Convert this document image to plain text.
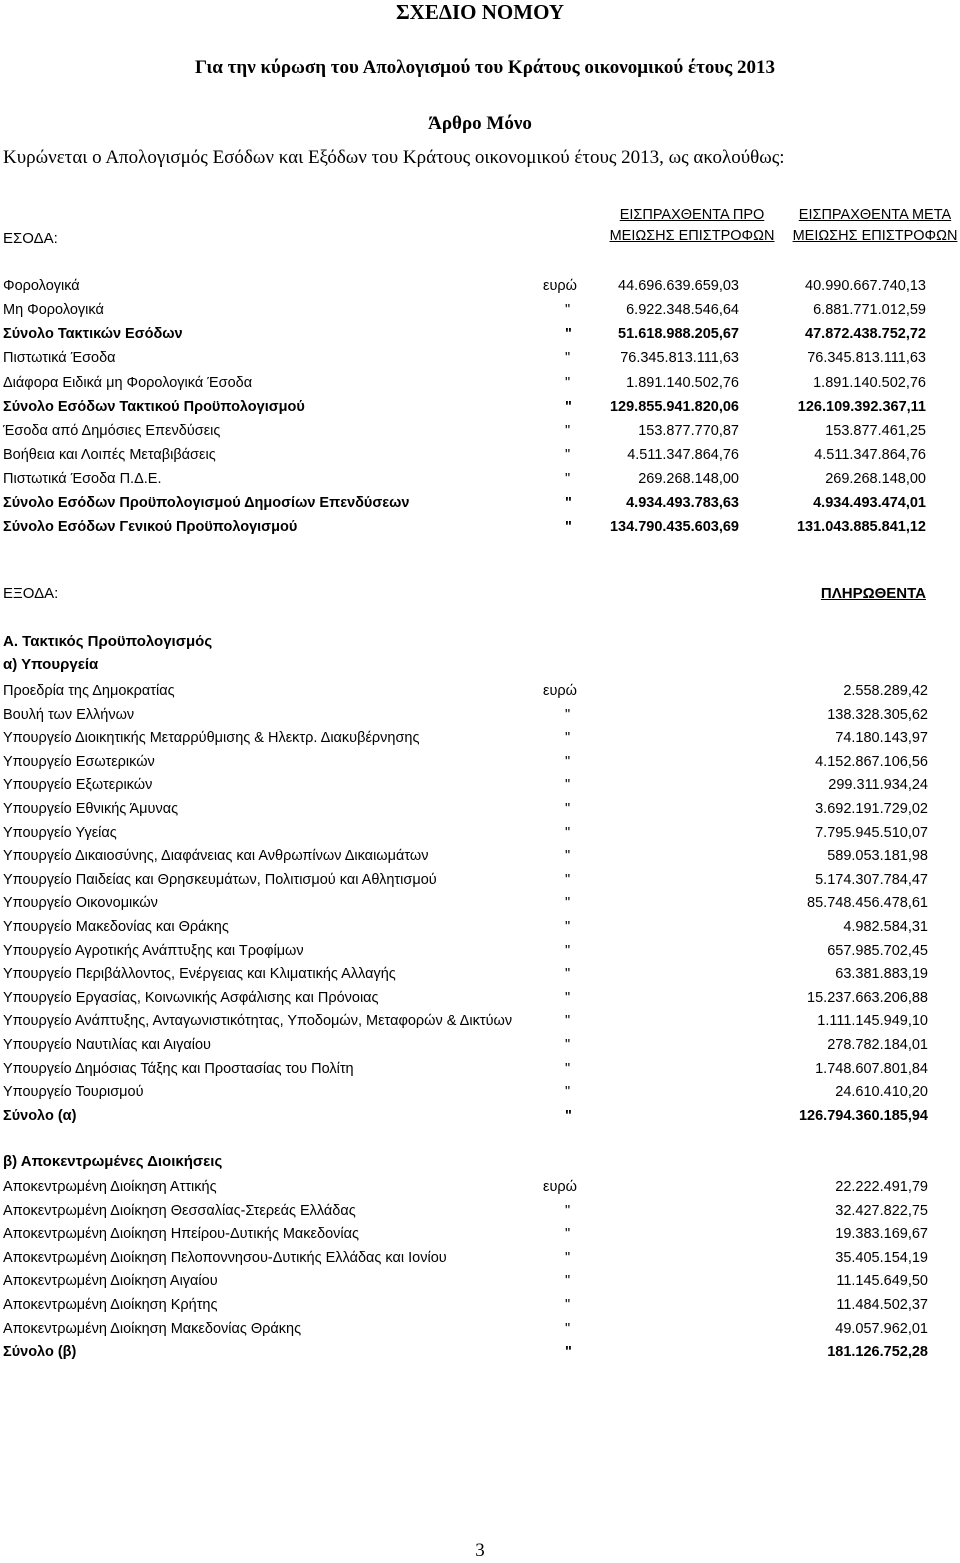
ΣΧΕΔΙΟ ΝΟΜΟΥ
Για την κύρωση του Απολογισμού του Κράτους οικονομικού έτους 2013
Άρθρο Μόνο
Κυρώνεται ο Απολογισμός Εσόδων και Εξόδων του Κράτους οικονομικού έτους 2013, ως ακολούθως:
ΕΣΟΔΑ:
ΕΙΣΠΡΑΧΘΕΝΤΑ ΠΡΟ
ΜΕΙΩΣΗΣ ΕΠΙΣΤΡΟΦΩΝ
ΕΙΣΠΡΑΧΘΕΝΤΑ ΜΕΤΑ
ΜΕΙΩΣΗΣ ΕΠΙΣΤΡΟΦΩΝ
Φορολογικά	ευρώ	44.696.639.659,03	40.990.667.740,13
Μη Φορολογικά	"	6.922.348.546,64	6.881.771.012,59
Σύνολο Τακτικών Εσόδων	"	51.618.988.205,67	47.872.438.752,72
Πιστωτικά Έσοδα	"	76.345.813.111,63	76.345.813.111,63
Διάφορα Ειδικά μη Φορολογικά Έσοδα	"	1.891.140.502,76	1.891.140.502,76
Σύνολο Εσόδων Τακτικού Προϋπολογισμού	"	129.855.941.820,06	126.109.392.367,11
Έσοδα από Δημόσιες Επενδύσεις	"	153.877.770,87	153.877.461,25
Βοήθεια και Λοιπές Μεταβιβάσεις	"	4.511.347.864,76	4.511.347.864,76
Πιστωτικά Έσοδα Π.Δ.Ε.	"	269.268.148,00	269.268.148,00
Σύνολο Εσόδων Προϋπολογισμού Δημοσίων Επενδύσεων	"	4.934.493.783,63	4.934.493.474,01
Σύνολο Εσόδων Γενικού Προϋπολογισμού	"	134.790.435.603,69	131.043.885.841,12
ΕΞΟΔΑ:	ΠΛΗΡΩΘΕΝΤΑ
Α. Τακτικός Προϋπολογισμός
α) Υπουργεία
Προεδρία της Δημοκρατίας	ευρώ	2.558.289,42
Βουλή των Ελλήνων	"	138.328.305,62
Υπουργείο Διοικητικής Μεταρρύθμισης & Ηλεκτρ. Διακυβέρνησης	"	74.180.143,97
Υπουργείο Εσωτερικών	"	4.152.867.106,56
Υπουργείο Εξωτερικών	"	299.311.934,24
Υπουργείο Εθνικής Άμυνας	"	3.692.191.729,02
Υπουργείο Υγείας	"	7.795.945.510,07
Υπουργείο Δικαιοσύνης, Διαφάνειας και Ανθρωπίνων Δικαιωμάτων	"	589.053.181,98
Υπουργείο Παιδείας και Θρησκευμάτων, Πολιτισμού και Αθλητισμού	"	5.174.307.784,47
Υπουργείο Οικονομικών	"	85.748.456.478,61
Υπουργείο Μακεδονίας και Θράκης	"	4.982.584,31
Υπουργείο Αγροτικής Ανάπτυξης και Τροφίμων	"	657.985.702,45
Υπουργείο Περιβάλλοντος, Ενέργειας και Κλιματικής Αλλαγής	"	63.381.883,19
Υπουργείο Εργασίας, Κοινωνικής Ασφάλισης και Πρόνοιας	"	15.237.663.206,88
Υπουργείο Ανάπτυξης, Ανταγωνιστικότητας, Υποδομών, Μεταφορών & Δικτύων	"	1.111.145.949,10
Υπουργείο Ναυτιλίας και Αιγαίου	"	278.782.184,01
Υπουργείο Δημόσιας Τάξης και Προστασίας του Πολίτη	"	1.748.607.801,84
Υπουργείο Τουρισμού	"	24.610.410,20
Σύνολο (α)	"	126.794.360.185,94
β) Αποκεντρωμένες Διοικήσεις
Αποκεντρωμένη Διοίκηση Αττικής	ευρώ	22.222.491,79
Αποκεντρωμένη Διοίκηση Θεσσαλίας-Στερεάς Ελλάδας	"	32.427.822,75
Αποκεντρωμένη Διοίκηση Ηπείρου-Δυτικής Μακεδονίας	"	19.383.169,67
Αποκεντρωμένη Διοίκηση Πελοποννησου-Δυτικής Ελλάδας και Ιονίου	"	35.405.154,19
Αποκεντρωμένη Διοίκηση Αιγαίου	"	11.145.649,50
Αποκεντρωμένη Διοίκηση Κρήτης	"	11.484.502,37
Αποκεντρωμένη Διοίκηση Μακεδονίας Θράκης	"	49.057.962,01
Σύνολο (β)	"	181.126.752,28
3
